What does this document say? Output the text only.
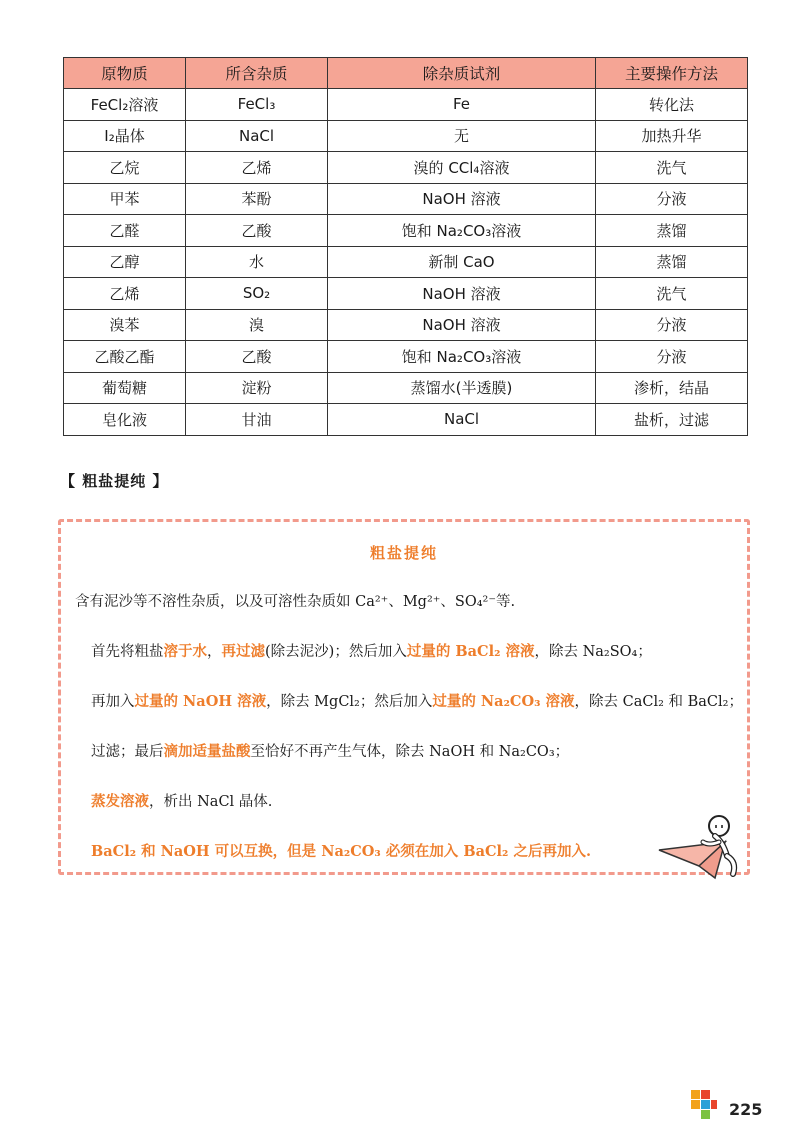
原物质	所含杂质	除杂质试剂	主要操作方法
FeCl₂溶液	FeCl₃	Fe	转化法
I₂晶体	NaCl	无	加热升华
乙烷	乙烯	溴的 CCl₄溶液	洗气
甲苯	苯酚	NaOH 溶液	分液
乙醛	乙酸	饱和 Na₂CO₃溶液	蒸馏
乙醇	水	新制 CaO	蒸馏
乙烯	SO₂	NaOH 溶液	洗气
溴苯	溴	NaOH 溶液	分液
乙酸乙酯	乙酸	饱和 Na₂CO₃溶液	分液
葡萄糖	淀粉	蒸馏水(半透膜)	渗析，结晶
皂化液	甘油	NaCl	盐析，过滤
【 粗盐提纯 】
粗盐提纯
含有泥沙等不溶性杂质，以及可溶性杂质如 Ca²⁺、Mg²⁺、SO₄²⁻等.
首先将粗盐溶于水，再过滤(除去泥沙)；然后加入过量的 BaCl₂ 溶液，除去 Na₂SO₄；
再加入过量的 NaOH 溶液，除去 MgCl₂；然后加入过量的 Na₂CO₃ 溶液，除去 CaCl₂ 和 BaCl₂；
过滤；最后滴加适量盐酸至恰好不再产生气体，除去 NaOH 和 Na₂CO₃；
蒸发溶液，析出 NaCl 晶体.
BaCl₂ 和 NaOH 可以互换，但是 Na₂CO₃ 必须在加入 BaCl₂ 之后再加入.
225
